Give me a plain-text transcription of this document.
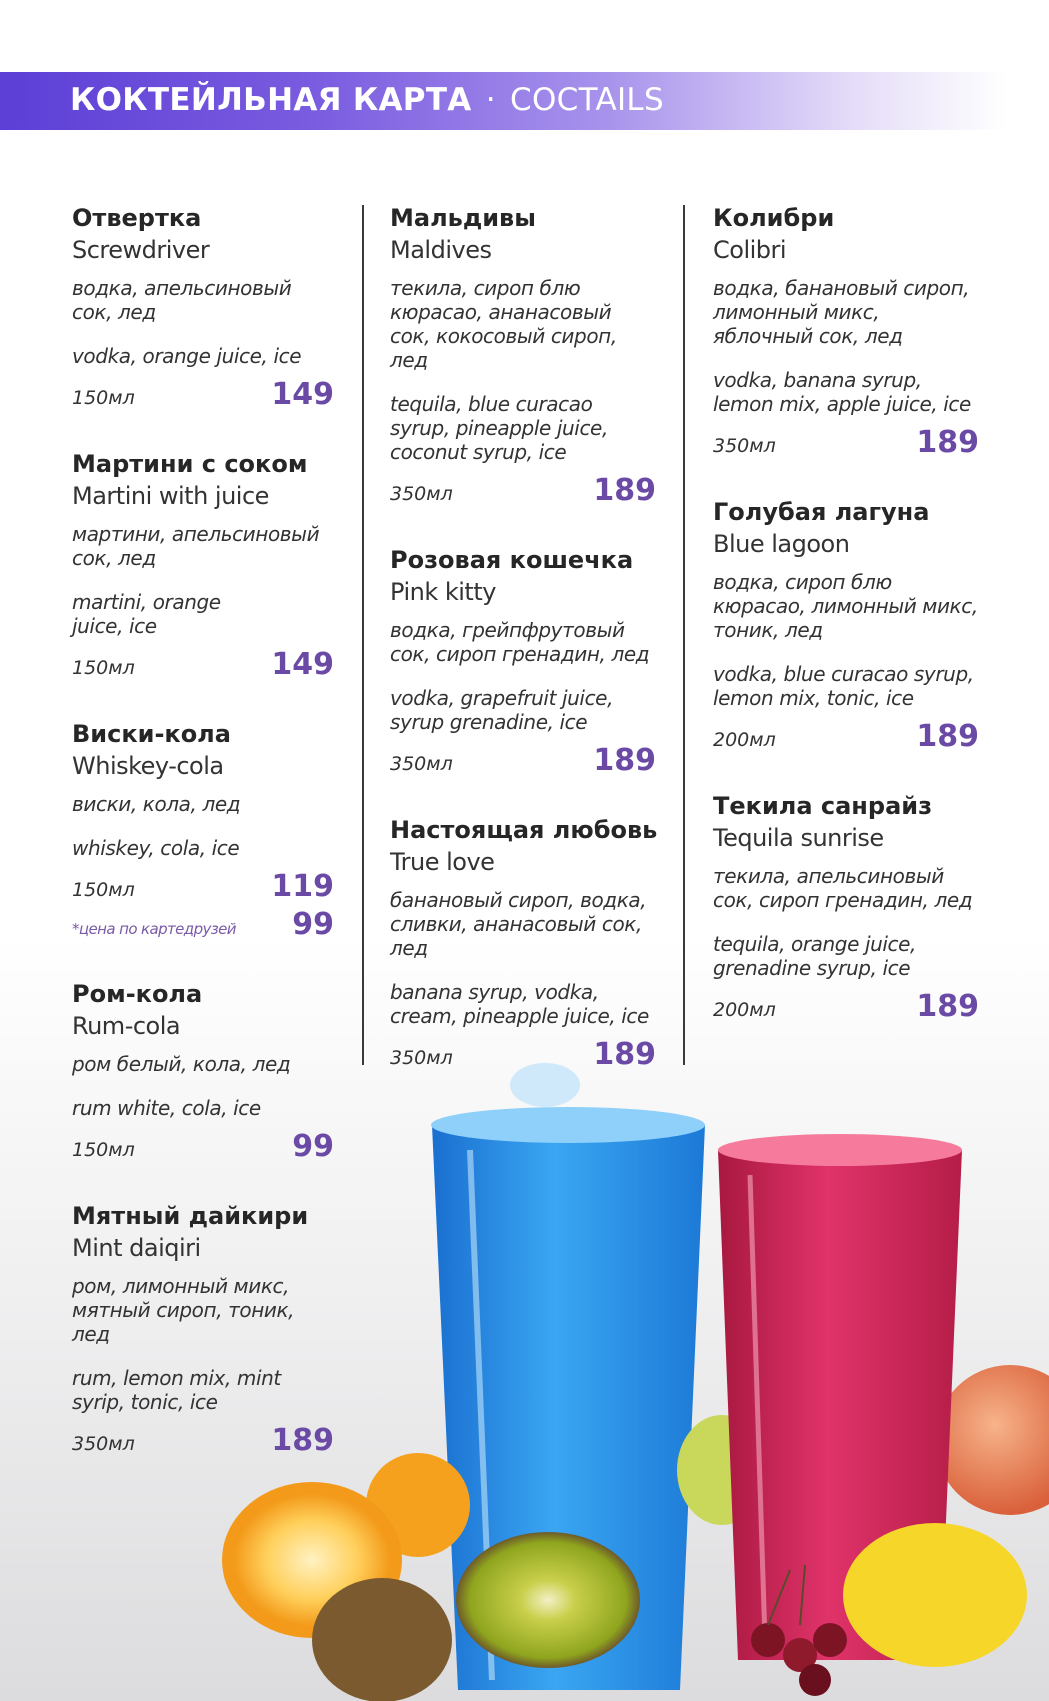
КОКТЕЙЛЬНАЯ КАРТА · COCTAILS
Отвертка
Screwdriver
водка, апельсиновый сок, лед
vodka, orange juice, ice
150мл	149
Мартини с соком
Martini with juice
мартини, апельсиновый сок, лед
martini, orange juice, ice
150мл	149
Виски-кола
Whiskey-cola
виски, кола, лед
whiskey, cola, ice
150мл	119
*цена по картедрузей 99
Ром-кола
Rum-cola
ром белый, кола, лед
rum white, cola, ice
150мл	99
Мятный дайкири
Mint daiqiri
ром, лимонный микс, мятный сироп, тоник, лед
rum, lemon mix, mint syrip, tonic, ice
350мл	189
Мальдивы
Maldives
текила, сироп блю кюрасао, ананасовый сок, кокосовый сироп, лед
tequila, blue curacao syrup, pineapple juice, coconut syrup, ice
350мл	189
Розовая кошечка
Pink kitty
водка, грейпфрутовый сок, сироп гренадин, лед
vodka, grapefruit juice, syrup grenadine, ice
350мл	189
Настоящая любовь
True love
банановый сироп, водка, сливки, ананасовый сок, лед
banana syrup, vodka, cream, pineapple juice, ice
350мл	189
Колибри
Colibri
водка, банановый сироп, лимонный микс, яблочный сок, лед
vodka, banana syrup, lemon mix, apple juice, ice
350мл	189
Голубая лагуна
Blue lagoon
водка, сироп блю кюрасао, лимонный микс, тоник, лед
vodka, blue curacao syrup, lemon mix, tonic, ice
200мл	189
Текила санрайз
Tequila sunrise
текила, апельсиновый сок, сироп гренадин, лед
tequila, orange juice, grenadine syrup, ice
200мл	189
